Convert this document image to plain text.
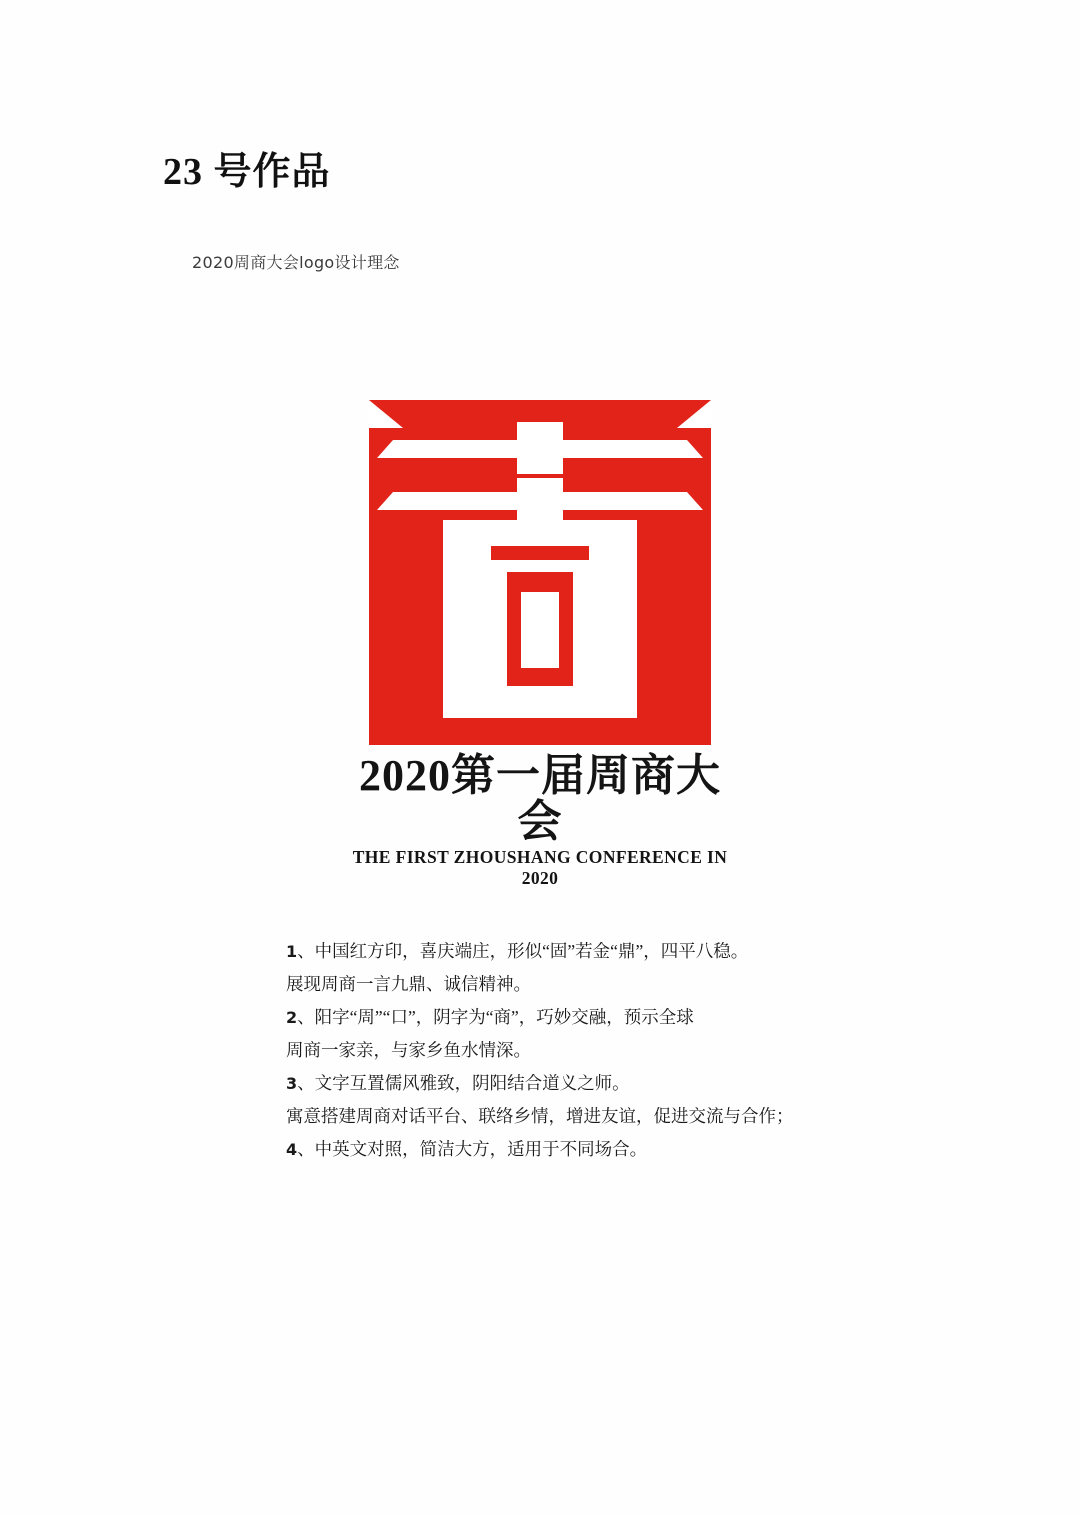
23 号作品
2020周商大会logo设计理念
2020第一届周商大会
THE FIRST ZHOUSHANG CONFERENCE IN 2020
1、中国红方印，喜庆端庄，形似“固”若金“鼎”，四平八稳。
展现周商一言九鼎、诚信精神。
2、阳字“周”“口”，阴字为“商”，巧妙交融，预示全球
周商一家亲，与家乡鱼水情深。
3、文字互置儒风雅致，阴阳结合道义之师。
寓意搭建周商对话平台、联络乡情，增进友谊，促进交流与合作；
4、中英文对照，简洁大方，适用于不同场合。
